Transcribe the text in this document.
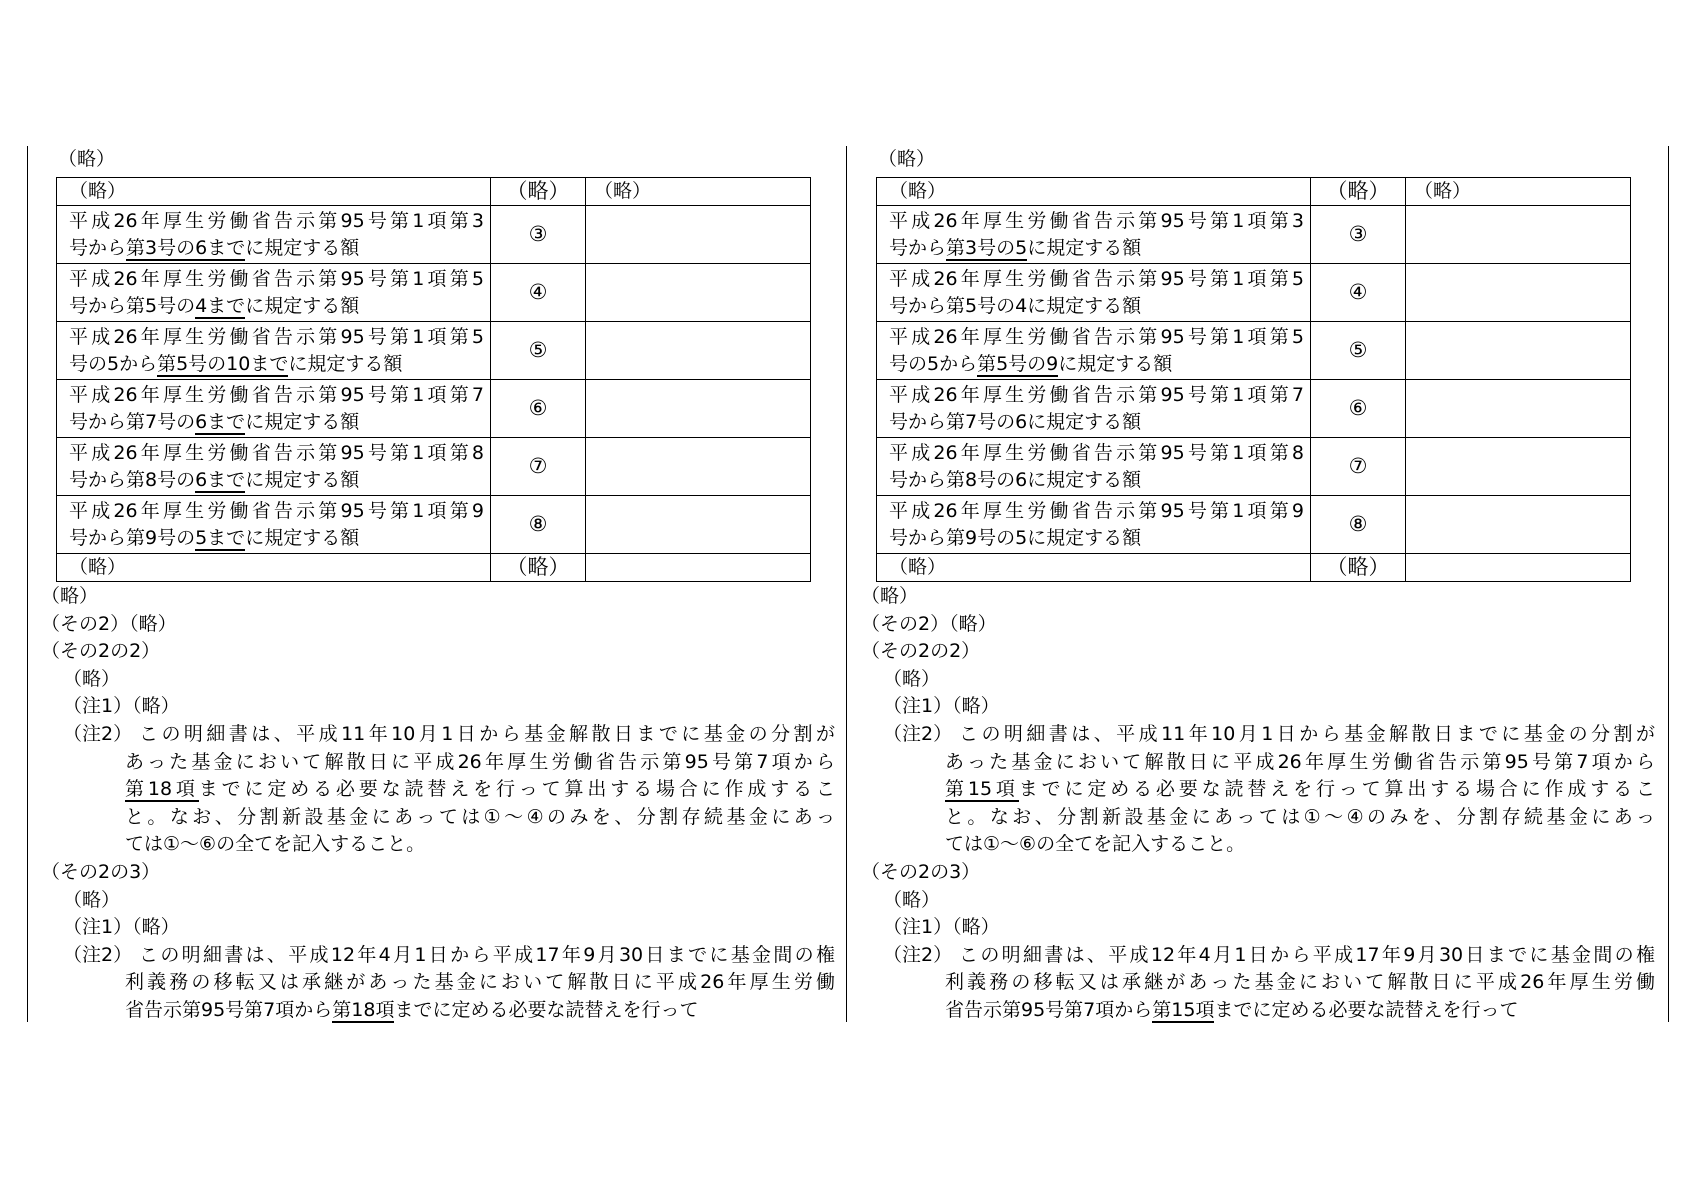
（略）
（略）	（略）	（略）

平成26年厚生労働省告示第95号第1項第3
号から第3号の6までに規定する額	③	

平成26年厚生労働省告示第95号第1項第5
号から第5号の4までに規定する額	④	

平成26年厚生労働省告示第95号第1項第5
号の5から第5号の10までに規定する額	⑤	

平成26年厚生労働省告示第95号第1項第7
号から第7号の6までに規定する額	⑥	

平成26年厚生労働省告示第95号第1項第8
号から第8号の6までに規定する額	⑦	

平成26年厚生労働省告示第95号第1項第9
号から第9号の5までに規定する額	⑧	
（略）	（略）	
（略）
（その2）（略）
（その2の2）
（略）
（注1）（略）
（注2） この明細書は、平成11年10月1日から基金解散日までに基金の分割が
あった基金において解散日に平成26年厚生労働省告示第95号第7項から
第18項までに定める必要な読替えを行って算出する場合に作成するこ
と。なお、分割新設基金にあっては①～④のみを、分割存続基金にあっ
ては①～⑥の全てを記入すること。
（その2の3）
（略）
（注1）（略）
（注2） この明細書は、平成12年4月1日から平成17年9月30日までに基金間の権
利義務の移転又は承継があった基金において解散日に平成26年厚生労働
省告示第95号第7項から第18項までに定める必要な読替えを行って
（略）
（略）	（略）	（略）

平成26年厚生労働省告示第95号第1項第3
号から第3号の5に規定する額	③	

平成26年厚生労働省告示第95号第1項第5
号から第5号の4に規定する額	④	

平成26年厚生労働省告示第95号第1項第5
号の5から第5号の9に規定する額	⑤	

平成26年厚生労働省告示第95号第1項第7
号から第7号の6に規定する額	⑥	

平成26年厚生労働省告示第95号第1項第8
号から第8号の6に規定する額	⑦	

平成26年厚生労働省告示第95号第1項第9
号から第9号の5に規定する額	⑧	
（略）	（略）	
（略）
（その2）（略）
（その2の2）
（略）
（注1）（略）
（注2） この明細書は、平成11年10月1日から基金解散日までに基金の分割が
あった基金において解散日に平成26年厚生労働省告示第95号第7項から
第15項までに定める必要な読替えを行って算出する場合に作成するこ
と。なお、分割新設基金にあっては①～④のみを、分割存続基金にあっ
ては①～⑥の全てを記入すること。
（その2の3）
（略）
（注1）（略）
（注2） この明細書は、平成12年4月1日から平成17年9月30日までに基金間の権
利義務の移転又は承継があった基金において解散日に平成26年厚生労働
省告示第95号第7項から第15項までに定める必要な読替えを行って
